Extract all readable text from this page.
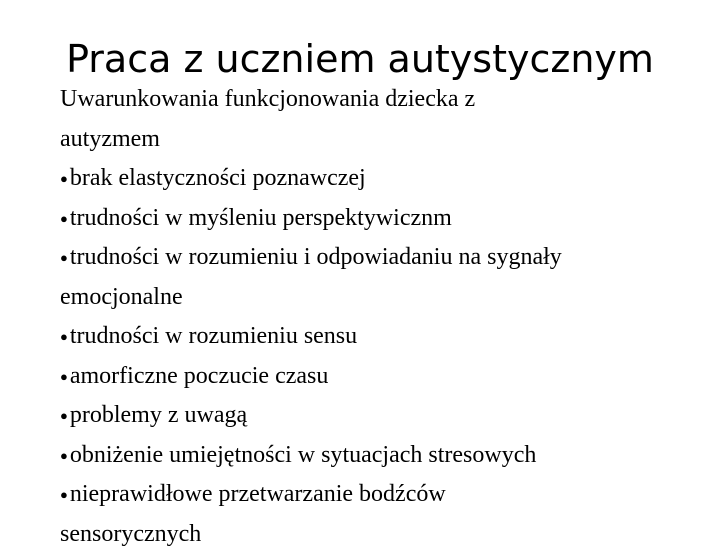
Praca z uczniem autystycznym
Uwarunkowania funkcjonowania dziecka z
autyzmem
●brak elastyczności poznawczej
●trudności w myśleniu perspektywicznm
●trudności w rozumieniu i odpowiadaniu na sygnały
emocjonalne
●trudności w rozumieniu sensu
●amorficzne poczucie czasu
●problemy z uwagą
●obniżenie umiejętności w sytuacjach stresowych
●nieprawidłowe przetwarzanie bodźców
sensorycznych
